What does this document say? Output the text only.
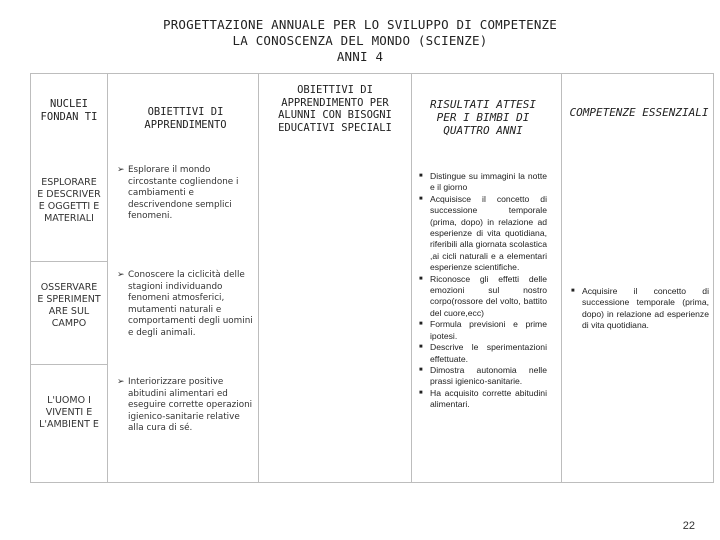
PROGETTAZIONE ANNUALE PER LO SVILUPPO DI COMPETENZE
LA CONOSCENZA DEL MONDO (SCIENZE)
ANNI 4
NUCLEI FONDAN TI	OBIETTIVI DI APPRENDIMENTO
OBIETTIVI DI APPRENDIMENTO PER ALUNNI CON BISOGNI EDUCATIVI SPECIALI
RISULTATI ATTESI PER I BIMBI DI QUATTRO ANNI
COMPETENZE ESSENZIALI
ESPLORARE E DESCRIVER E OGGETTI E MATERIALI
OSSERVARE E SPERIMENT ARE SUL CAMPO
L'UOMO I VIVENTI E L'AMBIENT E
➢ Esplorare il mondo circostante cogliendone i cambiamenti e descrivendone semplici fenomeni.
➢ Conoscere la ciclicità delle stagioni individuando fenomeni atmosferici, mutamenti naturali e comportamenti degli uomini e degli animali.
➢ Interiorizzare positive abitudini alimentari ed eseguire corrette operazioni igienico-sanitarie relative alla cura di sé.
■ Distingue su immagini la notte e il giorno
■ Acquisisce il concetto di successione temporale (prima, dopo) in relazione ad esperienze di vita quotidiana, riferibili alla giornata scolastica ,ai cicli naturali e a elementari esperienze scientifiche.
■ Riconosce gli effetti delle emozioni sul nostro corpo(rossore del volto, battito del cuore,ecc)
■ Formula previsioni e prime ipotesi.
■ Descrive le sperimentazioni effettuate.
■ Dimostra autonomia nelle prassi igienico-sanitarie.
■ Ha acquisito corrette abitudini alimentari.
■ Acquisire il concetto di successione temporale (prima, dopo) in relazione ad esperienze di vita quotidiana.
22
